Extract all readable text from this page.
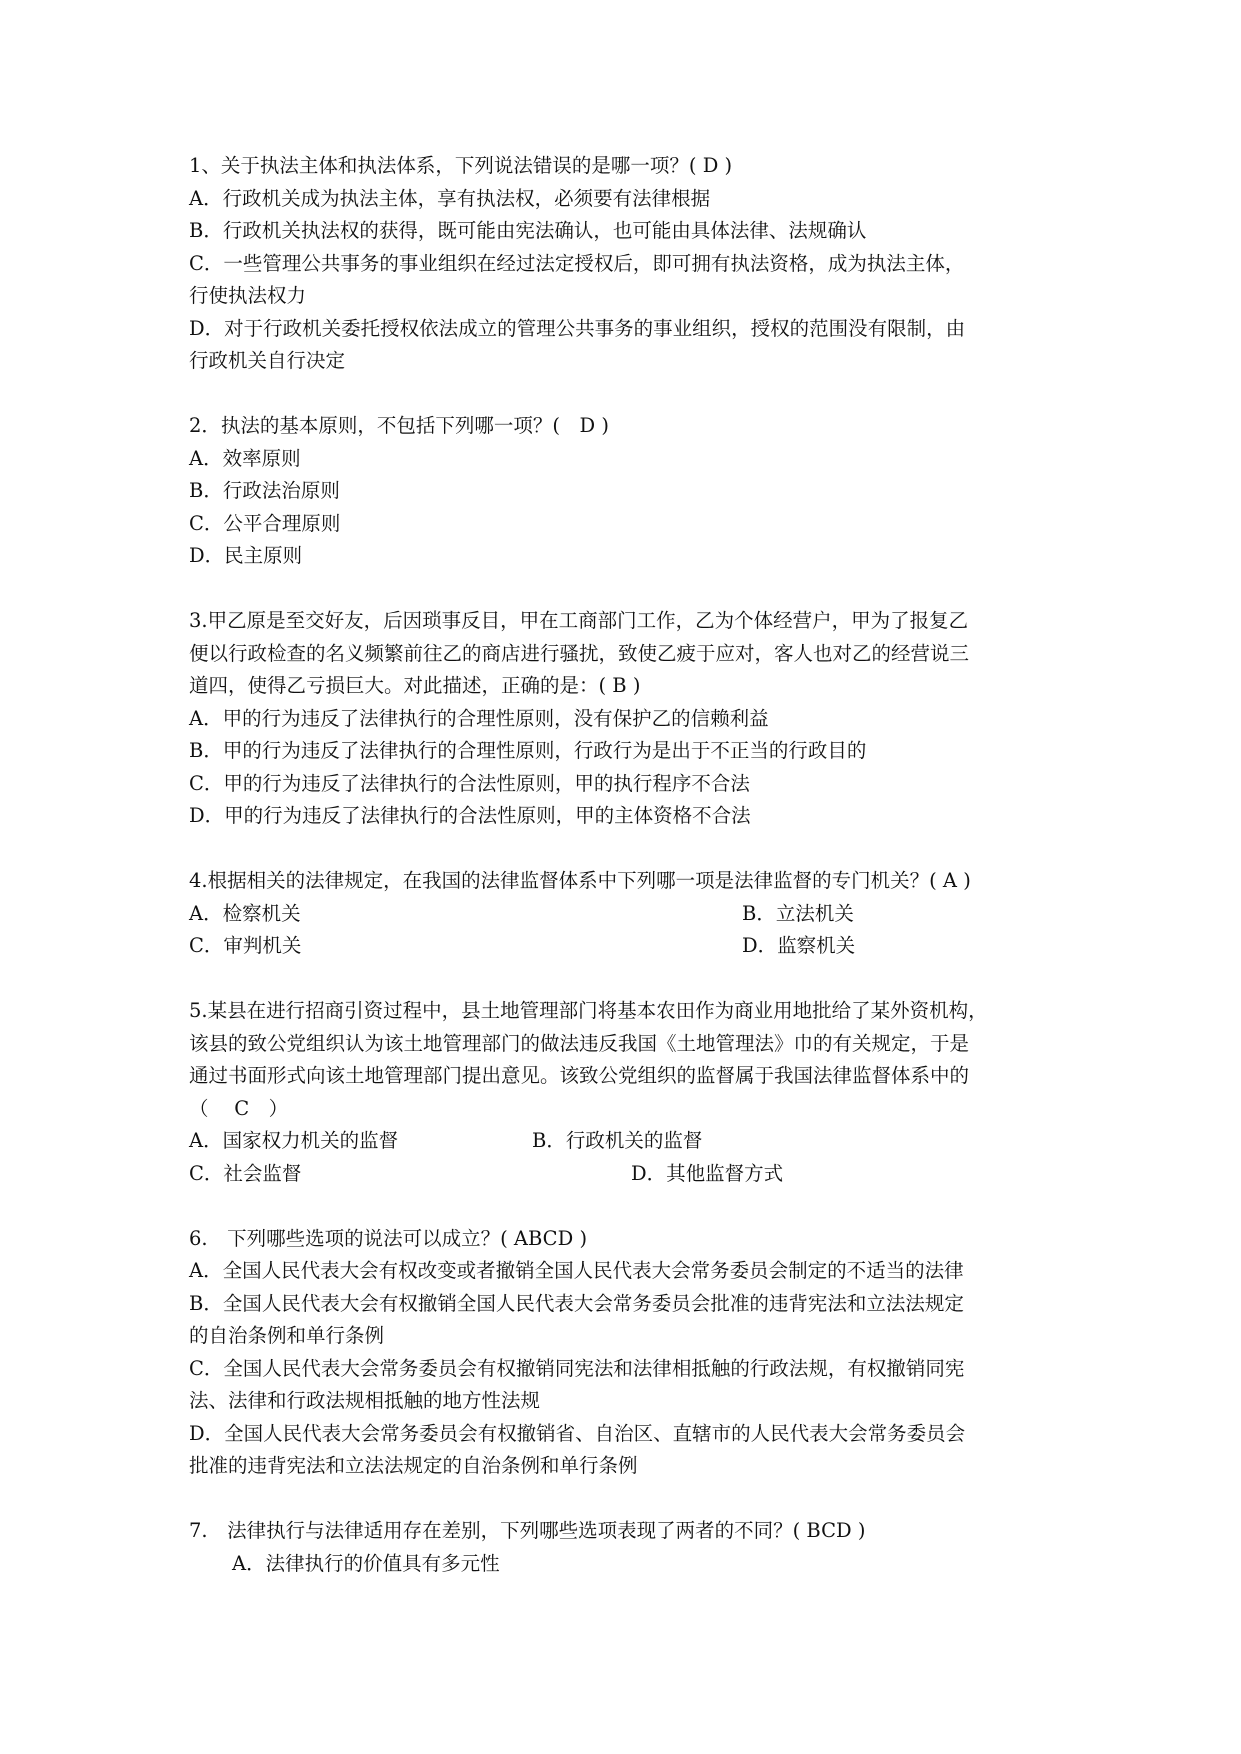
1、关于执法主体和执法体系，下列说法错误的是哪一项？( D )
A．行政机关成为执法主体，享有执法权，必须要有法律根据
B．行政机关执法权的获得，既可能由宪法确认，也可能由具体法律、法规确认
C．一些管理公共事务的事业组织在经过法定授权后，即可拥有执法资格，成为执法主体，
行使执法权力
D．对于行政机关委托授权依法成立的管理公共事务的事业组织，授权的范围没有限制，由
行政机关自行决定
2．执法的基本原则，不包括下列哪一项？(　D )
A．效率原则
B．行政法治原则
C．公平合理原则
D．民主原则
3.甲乙原是至交好友，后因琐事反目，甲在工商部门工作，乙为个体经营户，甲为了报复乙
便以行政检查的名义频繁前往乙的商店进行骚扰，致使乙疲于应对，客人也对乙的经营说三
道四，使得乙亏损巨大。对此描述，正确的是：( B )
A．甲的行为违反了法律执行的合理性原则，没有保护乙的信赖利益
B．甲的行为违反了法律执行的合理性原则，行政行为是出于不正当的行政目的
C．甲的行为违反了法律执行的合法性原则，甲的执行程序不合法
D．甲的行为违反了法律执行的合法性原则，甲的主体资格不合法
4.根据相关的法律规定，在我国的法律监督体系中下列哪一项是法律监督的专门机关？( A )
A．检察机关	B．立法机关
C．审判机关	D．监察机关
5.某县在进行招商引资过程中，县土地管理部门将基本农田作为商业用地批给了某外资机构，
该县的致公党组织认为该土地管理部门的做法违反我国《土地管理法》巾的有关规定，于是
通过书面形式向该土地管理部门提出意见。该致公党组织的监督属于我国法律监督体系中的
（　 C　）
A．国家权力机关的监督	B．行政机关的监督
C．社会监督	D．其他监督方式
6.　下列哪些选项的说法可以成立？( ABCD )
A．全国人民代表大会有权改变或者撤销全国人民代表大会常务委员会制定的不适当的法律
B．全国人民代表大会有权撤销全国人民代表大会常务委员会批准的违背宪法和立法法规定
的自治条例和单行条例
C．全国人民代表大会常务委员会有权撤销同宪法和法律相抵触的行政法规，有权撤销同宪
法、法律和行政法规相抵触的地方性法规
D．全国人民代表大会常务委员会有权撤销省、自治区、直辖市的人民代表大会常务委员会
批准的违背宪法和立法法规定的自治条例和单行条例
7.　法律执行与法律适用存在差别，下列哪些选项表现了两者的不同？( BCD )
A．法律执行的价值具有多元性
